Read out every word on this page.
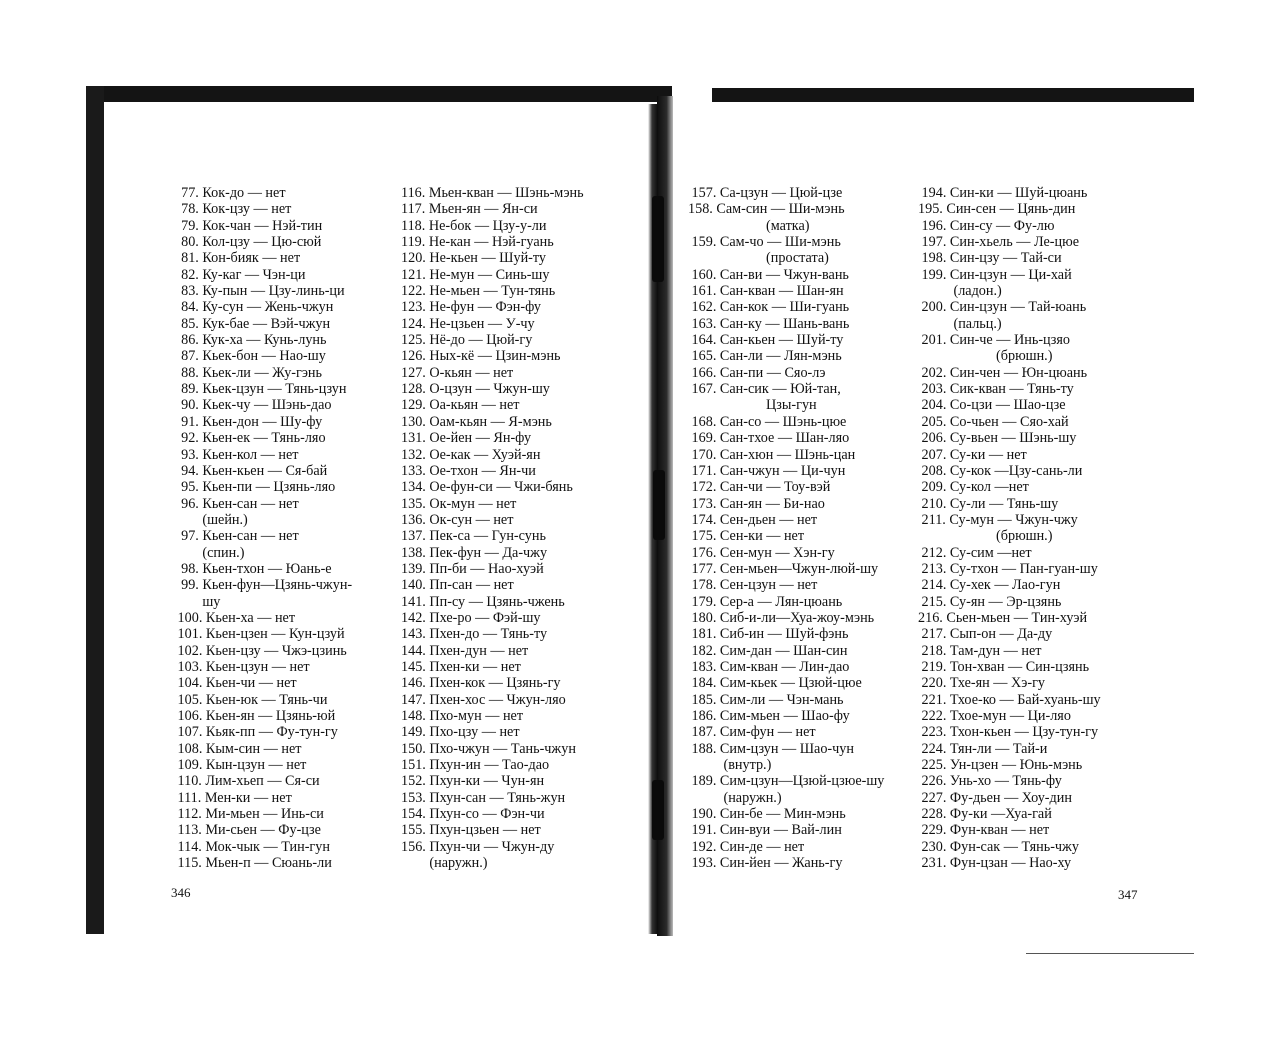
77. Кок-до — нет
78. Кок-цзу — нет
79. Кок-чан — Нэй-тин
80. Кол-цзу — Цю-сюй
81. Кон-бияк — нет
82. Ку-каг — Чэн-ци
83. Ку-пын — Цзу-линь-ци
84. Ку-сун — Жень-чжун
85. Кук-бае — Вэй-чжун
86. Кук-ха — Кунь-лунь
87. Кьек-бон — Нао-шу
88. Кьек-ли — Жу-гэнь
89. Кьек-цзун — Тянь-цзун
90. Кьек-чу — Шэнь-дао
91. Кьен-дон — Шу-фу
92. Кьен-ек — Тянь-ляо
93. Кьен-кол — нет
94. Кьен-кьен — Ся-бай
95. Кьен-пи — Цзянь-ляо
96. Кьен-сан — нет
(шейн.)
97. Кьен-сан — нет
(спин.)
98. Кьен-тхон — Юань-е
99. Кьен-фун—Цзянь-чжун-
шу
100. Кьен-ха — нет
101. Кьен-цзен — Кун-цзуй
102. Кьен-цзу — Чжэ-цзинь
103. Кьен-цзун — нет
104. Кьен-чи — нет
105. Кьен-юк — Тянь-чи
106. Кьен-ян — Цзянь-юй
107. Кьяк-пп — Фу-тун-гу
108. Кым-син — нет
109. Кын-цзун — нет
110. Лим-хьеп — Ся-си
111. Мен-ки — нет
112. Ми-мьен — Инь-си
113. Ми-сьен — Фу-цзе
114. Мок-чык — Тин-гун
115. Мьен-п — Сюань-ли
116. Мьен-кван — Шэнь-мэнь
117. Мьен-ян — Ян-си
118. Не-бок — Цзу-у-ли
119. Не-кан — Нэй-гуань
120. Не-кьен — Шуй-ту
121. Не-мун — Синь-шу
122. Не-мьен — Тун-тянь
123. Не-фун — Фэн-фу
124. Не-цзьен — У-чу
125. Нё-до — Цюй-гу
126. Ных-кё — Цзин-мэнь
127. О-кьян — нет
128. О-цзун — Чжун-шу
129. Оа-кьян — нет
130. Оам-кьян — Я-мэнь
131. Ое-йен — Ян-фу
132. Ое-как — Хуэй-ян
133. Ое-тхон — Ян-чи
134. Ое-фун-си — Чжи-бянь
135. Ок-мун — нет
136. Ок-сун — нет
137. Пек-са — Гун-сунь
138. Пек-фун — Да-чжу
139. Пп-би — Нао-хуэй
140. Пп-сан — нет
141. Пп-су — Цзянь-чжень
142. Пхе-ро — Фэй-шу
143. Пхен-до — Тянь-ту
144. Пхен-дун — нет
145. Пхен-ки — нет
146. Пхен-кок — Цзянь-гу
147. Пхен-хос — Чжун-ляо
148. Пхо-мун — нет
149. Пхо-цзу — нет
150. Пхо-чжун — Тань-чжун
151. Пхун-ин — Тао-дао
152. Пхун-ки — Чун-ян
153. Пхун-сан — Тянь-жун
154. Пхун-со — Фэн-чи
155. Пхун-цзьен — нет
156. Пхун-чи — Чжун-ду
(наружн.)
157. Са-цзун — Цюй-цзе
158. Сам-син — Ши-мэнь
(матка)
159. Сам-чо — Ши-мэнь
(простата)
160. Сан-ви — Чжун-вань
161. Сан-кван — Шан-ян
162. Сан-кок — Ши-гуань
163. Сан-ку — Шань-вань
164. Сан-кьен — Шуй-ту
165. Сан-ли — Лян-мэнь
166. Сан-пи — Сяо-лэ
167. Сан-сик — Юй-тан,
Цзы-гун
168. Сан-со — Шэнь-цюе
169. Сан-тхое — Шан-ляо
170. Сан-хюн — Шэнь-цан
171. Сан-чжун — Ци-чун
172. Сан-чи — Тоу-вэй
173. Сан-ян — Би-нао
174. Сен-дьен — нет
175. Сен-ки — нет
176. Сен-мун — Хэн-гу
177. Сен-мьен—Чжун-люй-шу
178. Сен-цзун — нет
179. Сер-а — Лян-цюань
180. Сиб-и-ли—Хуа-жоу-мэнь
181. Сиб-ин — Шуй-фэнь
182. Сим-дан — Шан-син
183. Сим-кван — Лин-дао
184. Сим-кьек — Цзюй-цюе
185. Сим-ли — Чэн-мань
186. Сим-мьен — Шао-фу
187. Сим-фун — нет
188. Сим-цзун — Шао-чун
(внутр.)
189. Сим-цзун—Цзюй-цзюе-шу
(наружн.)
190. Син-бе — Мин-мэнь
191. Син-вуи — Вай-лин
192. Син-де — нет
193. Син-йен — Жань-гу
194. Син-ки — Шуй-цюань
195. Син-сен — Цянь-дин
196. Син-су — Фу-лю
197. Син-хьель — Ле-цюе
198. Син-цзу — Тай-си
199. Син-цзун — Ци-хай
(ладон.)
200. Син-цзун — Тай-юань
(пальц.)
201. Син-че — Инь-цзяо
(брюшн.)
202. Син-чен — Юн-цюань
203. Сик-кван — Тянь-ту
204. Со-цзи — Шао-цзе
205. Со-чьен — Сяо-хай
206. Су-вьен — Шэнь-шу
207. Су-ки — нет
208. Су-кок —Цзу-сань-ли
209. Су-кол —нет
210. Су-ли — Тянь-шу
211. Су-мун — Чжун-чжу
(брюшн.)
212. Су-сим —нет
213. Су-тхон — Пан-гуан-шу
214. Су-хек — Лао-гун
215. Су-ян — Эр-цзянь
216. Сьен-мьен — Тин-хуэй
217. Сып-он — Да-ду
218. Там-дун — нет
219. Тон-хван — Син-цзянь
220. Тхе-ян — Хэ-гу
221. Тхое-ко — Бай-хуань-шу
222. Тхое-мун — Ци-ляо
223. Тхон-кьен — Цзу-тун-гу
224. Тян-ли — Тай-и
225. Ун-цзен — Юнь-мэнь
226. Унь-хо — Тянь-фу
227. Фу-дьен — Хоу-дин
228. Фу-ки —Хуа-гай
229. Фун-кван — нет
230. Фун-сак — Тянь-чжу
231. Фун-цзан — Нао-ху
346	347
